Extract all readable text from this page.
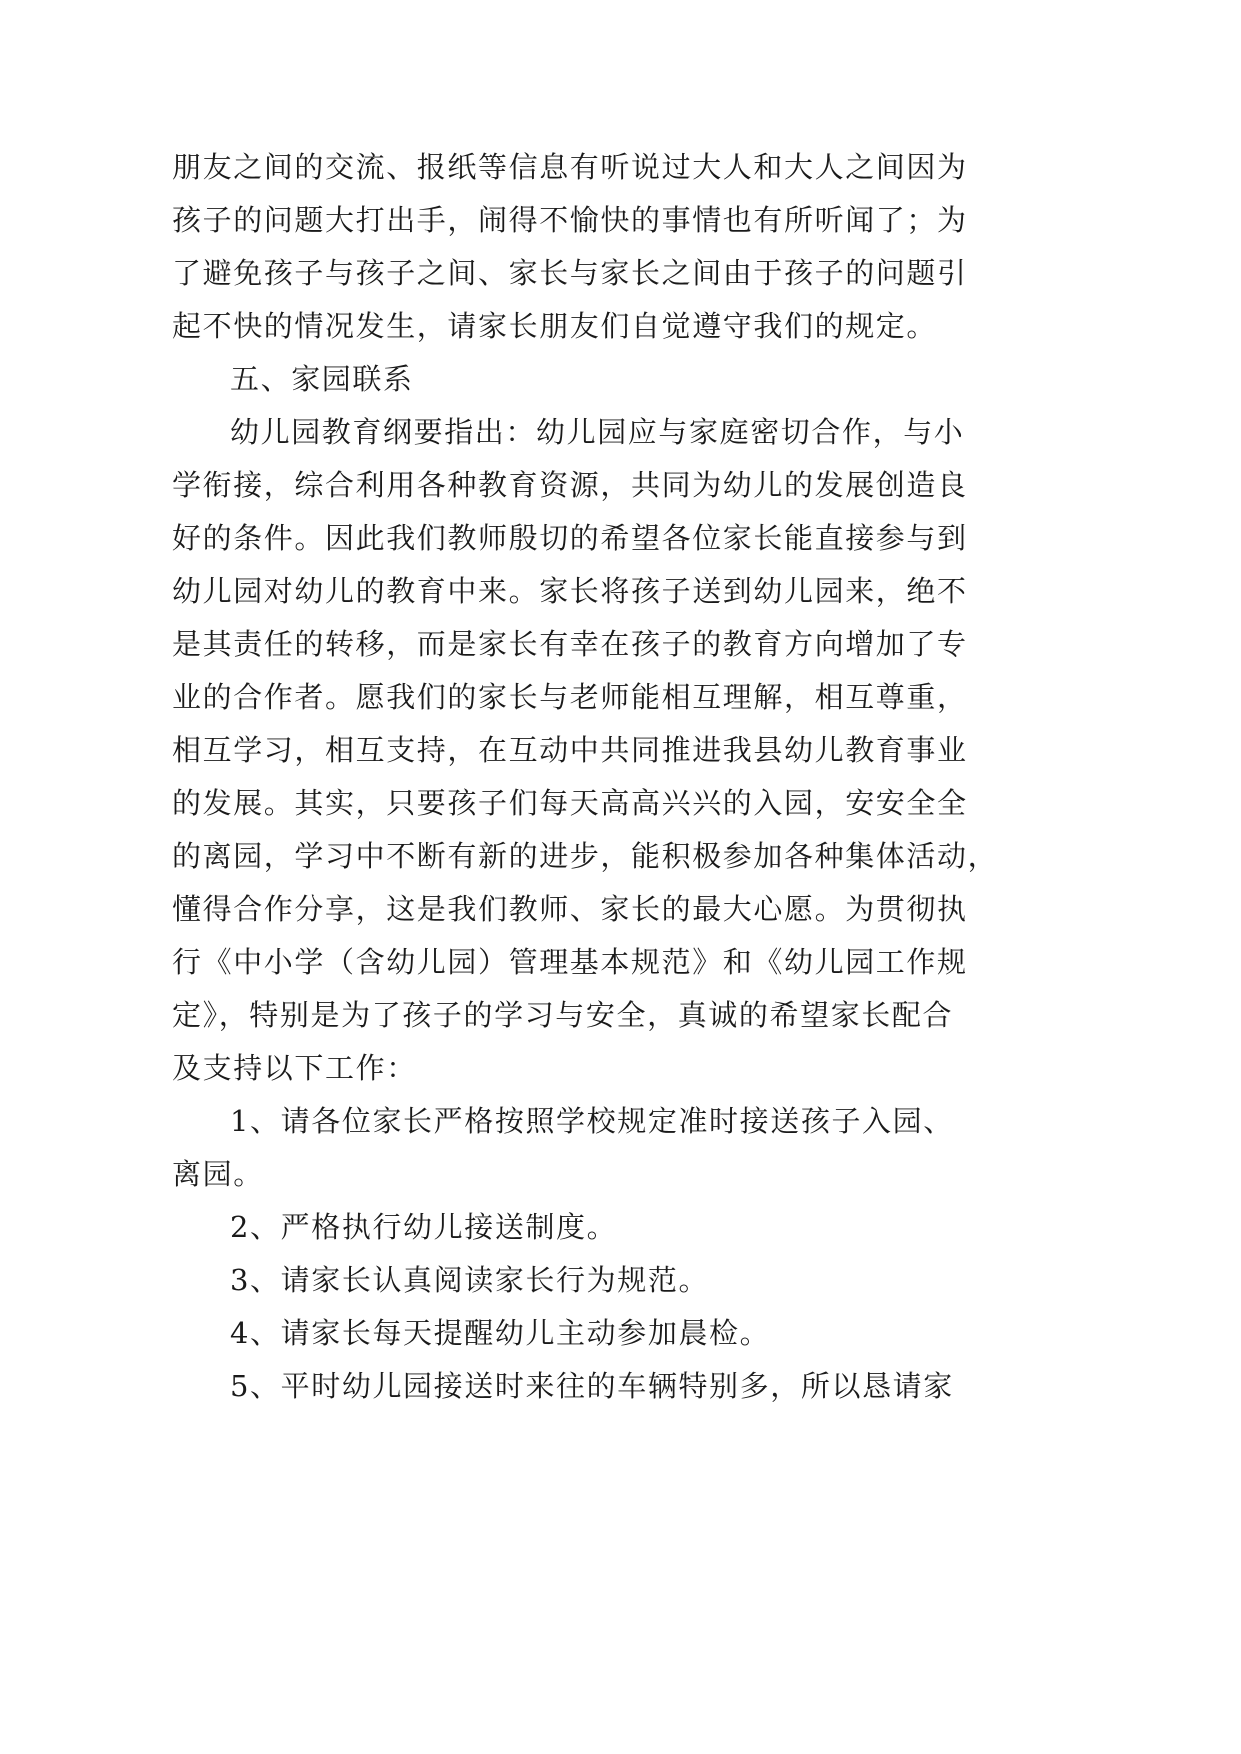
朋友之间的交流、报纸等信息有听说过大人和大人之间因为
孩子的问题大打出手，闹得不愉快的事情也有所听闻了；为
了避免孩子与孩子之间、家长与家长之间由于孩子的问题引
起不快的情况发生，请家长朋友们自觉遵守我们的规定。
五、家园联系
幼儿园教育纲要指出：幼儿园应与家庭密切合作，与小
学衔接，综合利用各种教育资源，共同为幼儿的发展创造良
好的条件。因此我们教师殷切的希望各位家长能直接参与到
幼儿园对幼儿的教育中来。家长将孩子送到幼儿园来，绝不
是其责任的转移，而是家长有幸在孩子的教育方向增加了专
业的合作者。愿我们的家长与老师能相互理解，相互尊重，
相互学习，相互支持，在互动中共同推进我县幼儿教育事业
的发展。其实，只要孩子们每天高高兴兴的入园，安安全全
的离园，学习中不断有新的进步，能积极参加各种集体活动，
懂得合作分享，这是我们教师、家长的最大心愿。为贯彻执
行《中小学（含幼儿园）管理基本规范》和《幼儿园工作规
定》，特别是为了孩子的学习与安全，真诚的希望家长配合
及支持以下工作：
1、请各位家长严格按照学校规定准时接送孩子入园、
离园。
2、严格执行幼儿接送制度。
3、请家长认真阅读家长行为规范。
4、请家长每天提醒幼儿主动参加晨检。
5、平时幼儿园接送时来往的车辆特别多，所以恳请家
